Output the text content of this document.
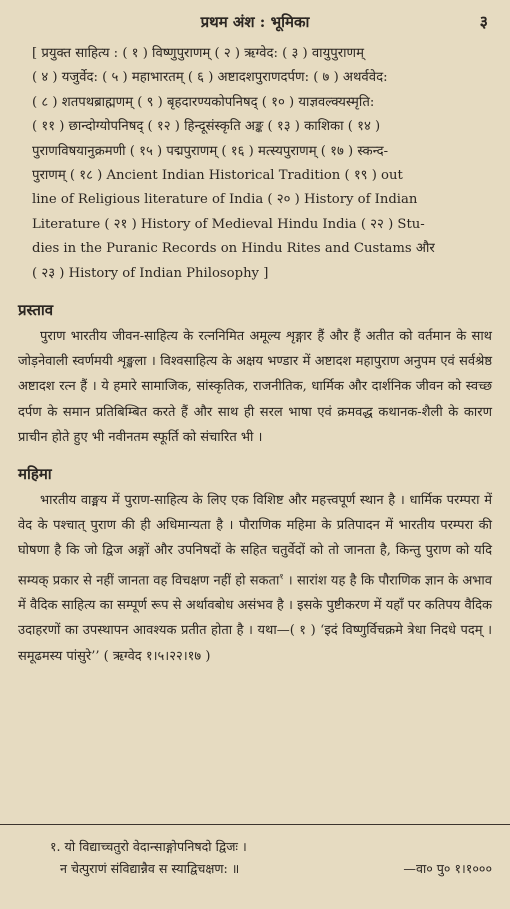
प्रथम अंश : भूमिका	३
[ प्रयुक्त साहित्य : ( १ ) विष्णुपुराणम् ( २ ) ऋग्वेद: ( ३ ) वायुपुराणम्
( ४ ) यजुर्वेद: ( ५ ) महाभारतम् ( ६ ) अष्टादशपुराणदर्पण: ( ७ ) अथर्ववेद:
( ८ ) शतपथब्राह्मणम् ( ९ ) बृहदारण्यकोपनिषद् ( १० ) याज्ञवल्क्यस्मृति:
( ११ ) छान्दोग्योपनिषद् ( १२ ) हिन्दूसंस्कृति अङ्क ( १३ ) काशिका ( १४ )
पुराणविषयानुक्रमणी ( १५ ) पद्मपुराणम् ( १६ ) मत्स्यपुराणम् ( १७ ) स्कन्द-
पुराणम् ( १८ ) Ancient Indian Historical Tradition ( १९ ) out
line of Religious literature of India ( २० ) History of Indian
Literature ( २१ ) History of Medieval Hindu India ( २२ ) Stu-
dies in the Puranic Records on Hindu Rites and Custams और
( २३ ) History of Indian Philosophy ]
प्रस्ताव

पुराण भारतीय जीवन-साहित्य के रत्ननिमित अमूल्य शृङ्गार हैं और हैं अतीत को वर्तमान के साथ जोड़नेवाली स्वर्णमयी शृङ्खला । विश्वसाहित्य के अक्षय भण्डार में अष्टादश महापुराण अनुपम एवं सर्वश्रेष्ठ अष्टादश रत्न हैं । ये हमारे सामाजिक, सांस्कृतिक, राजनीतिक, धार्मिक और दार्शनिक जीवन को स्वच्छ दर्पण के समान प्रतिबिम्बित करते हैं और साथ ही सरल भाषा एवं क्रमवद्ध कथानक-शैली के कारण प्राचीन होते हुए भी नवीनतम स्फूर्ति को संचारित भी ।

महिमा

भारतीय वाङ्मय में पुराण-साहित्य के लिए एक विशिष्ट और महत्त्वपूर्ण स्थान है । धार्मिक परम्परा में वेद के पश्चात् पुराण की ही अधिमान्यता है । पौराणिक महिमा के प्रतिपादन में भारतीय परम्परा की घोषणा है कि जो द्विज अङ्गों और उपनिषदों के सहित चतुर्वेदों को तो जानता है, किन्तु पुराण को यदि सम्यक् प्रकार से नहीं जानता वह विचक्षण नहीं हो सकता$^१$ । सारांश यह है कि पौराणिक ज्ञान के अभाव में वैदिक साहित्य का सम्पूर्ण रूप से अर्थावबोध असंभव है । इसके पुष्टीकरण में यहाँ पर कतिपय वैदिक उदाहरणों का उपस्थापन आवश्यक प्रतीत होता है । यथा—( १ ) ‘इदं विष्णुर्विचक्रमे त्रेधा निदधे पदम् । समूढमस्य पांसुरे’’ ( ऋग्वेद १।५।२२।१७ )

१. यो विद्याच्चतुरो वेदान्साङ्गोपनिषदो द्विजः ।
न चेत्पुराणं संविद्यान्नैव स स्याद्विचक्षण: ॥	—वा० पु० १।१०००
